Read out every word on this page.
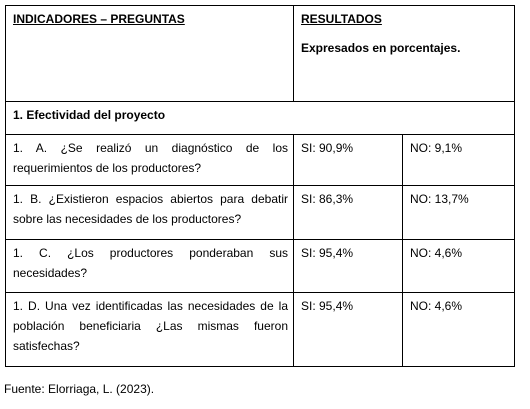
INDICADORES – PREGUNTAS	RESULTADOS
Expresados en porcentajes.	

1. Efectividad del proyecto		
1. A. ¿Se realizó un diagnóstico de los requerimientos de los productores?	SI: 90,9%	NO: 9,1%
1. B. ¿Existieron espacios abiertos para debatir sobre las necesidades de los productores?	SI: 86,3%	NO: 13,7%
1. C. ¿Los productores ponderaban sus necesidades?	SI: 95,4%	NO: 4,6%
1. D. Una vez identificadas las necesidades de la población beneficiaria ¿Las mismas fueron satisfechas?	SI: 95,4%	NO: 4,6%
Fuente: Elorriaga, L. (2023).
